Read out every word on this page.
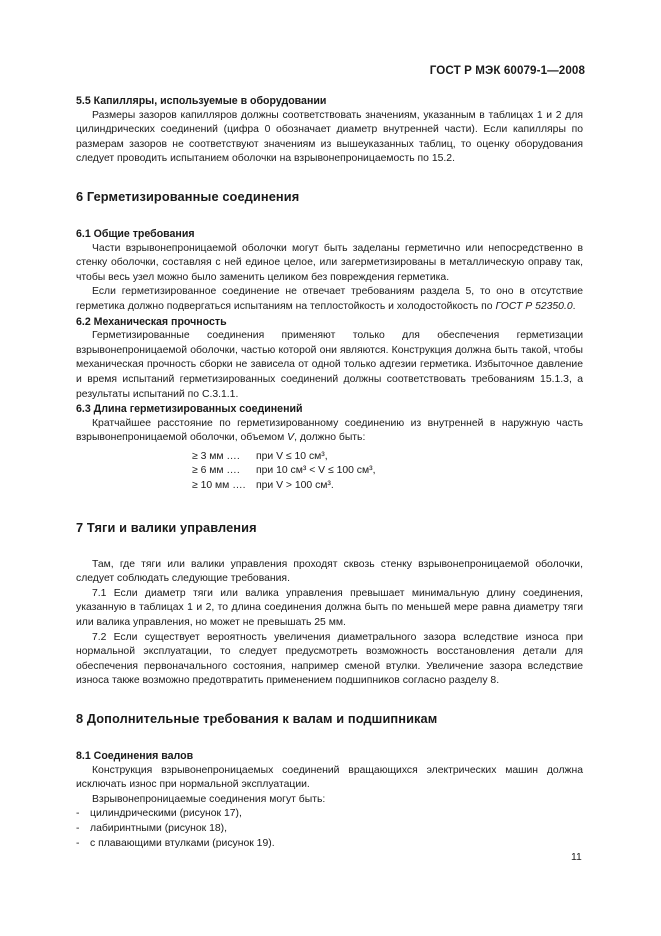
ГОСТ Р МЭК 60079-1—2008
5.5 Капилляры, используемые в оборудовании

Размеры зазоров капилляров должны соответствовать значениям, указанным в таблицах 1 и 2 для цилиндрических соединений (цифра 0 обозначает диаметр внутренней части). Если капилляры по размерам зазоров не соответствуют значениям из вышеуказанных таблиц, то оценку оборудования следует проводить испытанием оболочки на взрывонепроницаемость по 15.2.

6 Герметизированные соединения
6.1 Общие требования

Части взрывонепроницаемой оболочки могут быть заделаны герметично или непосредственно в стенку оболочки, составляя с ней единое целое, или загерметизированы в металлическую оправу так, чтобы весь узел можно было заменить целиком без повреждения герметика.

Если герметизированное соединение не отвечает требованиям раздела 5, то оно в отсутствие герметика должно подвергаться испытаниям на теплостойкость и холодостойкость по ГОСТ Р 52350.0.

6.2 Механическая прочность

Герметизированные соединения применяют только для обеспечения герметизации взрывонепроницаемой оболочки, частью которой они являются. Конструкция должна быть такой, чтобы механическая прочность сборки не зависела от одной только адгезии герметика. Избыточное давление и время испытаний герметизированных соединений должны соответствовать требованиям 15.1.3, а результаты испытаний по С.3.1.1.

6.3 Длина герметизированных соединений

Кратчайшее расстояние по герметизированному соединению из внутренней в наружную часть взрывонепроницаемой оболочки, объемом V, должно быть:

≥ 3 мм ….	при V ≤ 10 см³,
≥ 6 мм ….	при 10 см³ < V ≤ 100 см³,
≥ 10 мм ….	при V > 100 см³.
7 Тяги и валики управления

Там, где тяги или валики управления проходят сквозь стенку взрывонепроницаемой оболочки, следует соблюдать следующие требования.

7.1 Если диаметр тяги или валика управления превышает минимальную длину соединения, указанную в таблицах 1 и 2, то длина соединения должна быть по меньшей мере равна диаметру тяги или валика управления, но может не превышать 25 мм.

7.2 Если существует вероятность увеличения диаметрального зазора вследствие износа при нормальной эксплуатации, то следует предусмотреть возможность восстановления детали для обеспечения первоначального состояния, например сменой втулки. Увеличение зазора вследствие износа также возможно предотвратить применением подшипников согласно разделу 8.

8 Дополнительные требования к валам и подшипникам
8.1 Соединения валов

Конструкция взрывонепроницаемых соединений вращающихся электрических машин должна исключать износ при нормальной эксплуатации.

Взрывонепроницаемые соединения могут быть:

- цилиндрическими (рисунок 17),

- лабиринтными (рисунок 18),

- с плавающими втулками (рисунок 19).

11
